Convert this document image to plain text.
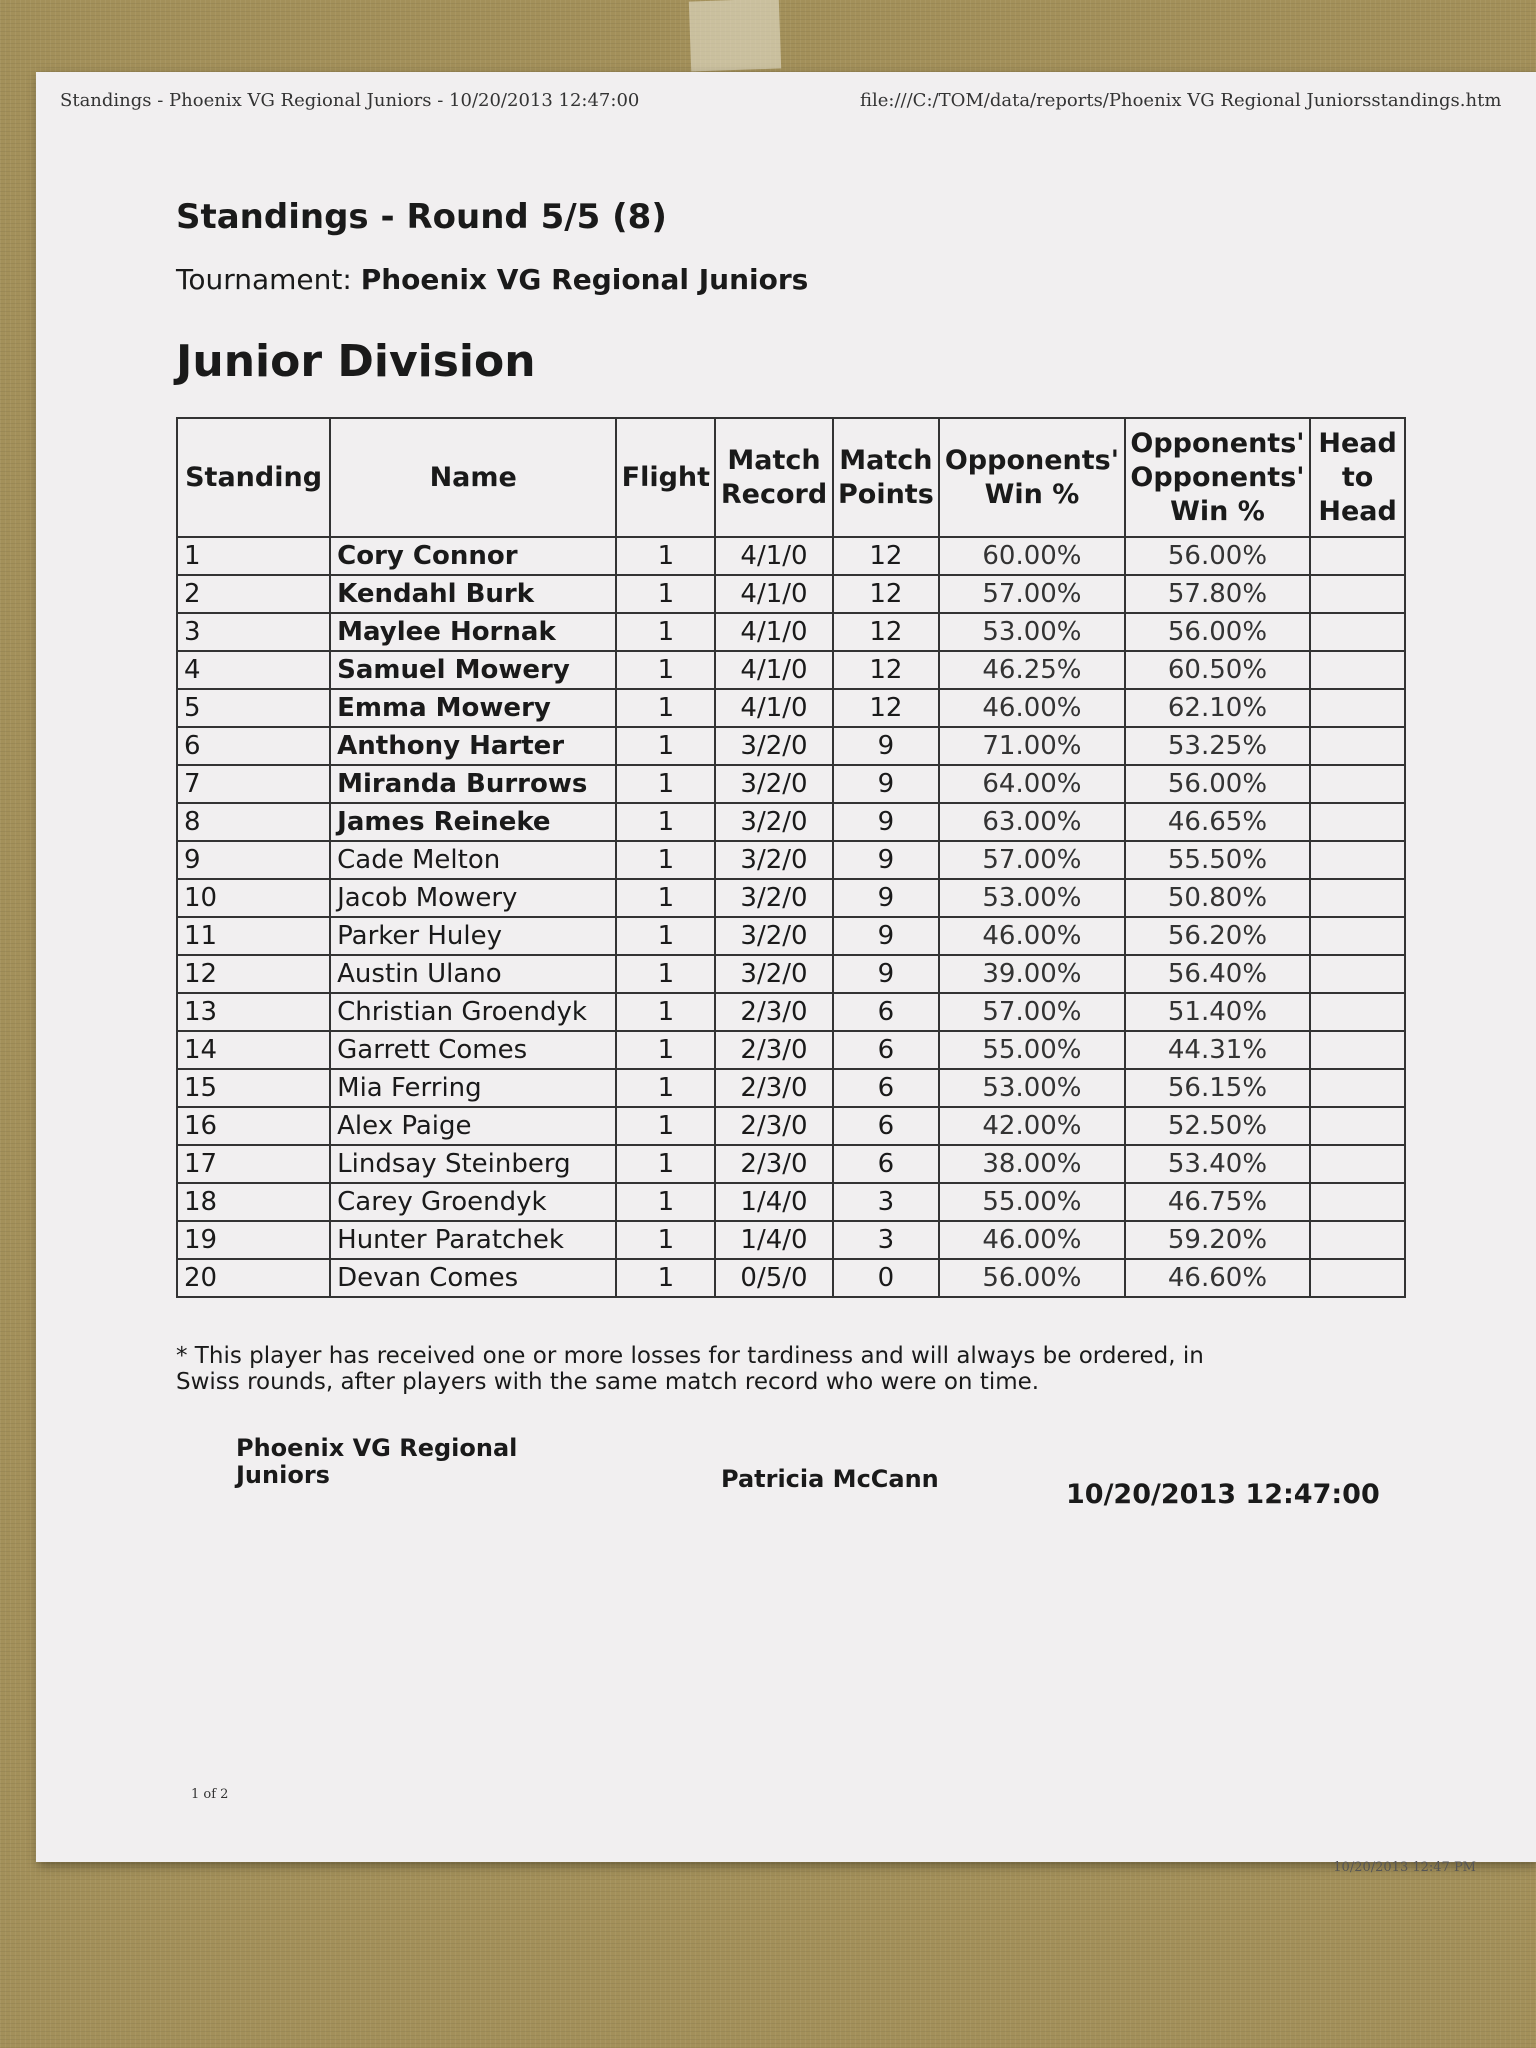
Standings - Phoenix VG Regional Juniors - 10/20/2013 12:47:00	file:///C:/TOM/data/reports/Phoenix VG Regional Juniorsstandings.htm
Standings - Round 5/5 (8)
Tournament: Phoenix VG Regional Juniors
Junior Division
Standing	Name	Flight	Match Record	Match Points	Opponents' Win %	Opponents' Opponents' Win %	Head to Head
1	Cory Connor	1	4/1/0	12	60.00%	56.00%	
2	Kendahl Burk	1	4/1/0	12	57.00%	57.80%	
3	Maylee Hornak	1	4/1/0	12	53.00%	56.00%	
4	Samuel Mowery	1	4/1/0	12	46.25%	60.50%	
5	Emma Mowery	1	4/1/0	12	46.00%	62.10%	
6	Anthony Harter	1	3/2/0	9	71.00%	53.25%	
7	Miranda Burrows	1	3/2/0	9	64.00%	56.00%	
8	James Reineke	1	3/2/0	9	63.00%	46.65%	
9	Cade Melton	1	3/2/0	9	57.00%	55.50%	
10	Jacob Mowery	1	3/2/0	9	53.00%	50.80%	
11	Parker Huley	1	3/2/0	9	46.00%	56.20%	
12	Austin Ulano	1	3/2/0	9	39.00%	56.40%	
13	Christian Groendyk	1	2/3/0	6	57.00%	51.40%	
14	Garrett Comes	1	2/3/0	6	55.00%	44.31%	
15	Mia Ferring	1	2/3/0	6	53.00%	56.15%	
16	Alex Paige	1	2/3/0	6	42.00%	52.50%	
17	Lindsay Steinberg	1	2/3/0	6	38.00%	53.40%	
18	Carey Groendyk	1	1/4/0	3	55.00%	46.75%	
19	Hunter Paratchek	1	1/4/0	3	46.00%	59.20%	
20	Devan Comes	1	0/5/0	0	56.00%	46.60%	
* This player has received one or more losses for tardiness and will always be ordered, in Swiss rounds, after players with the same match record who were on time.
Phoenix VG Regional Juniors	Patricia McCann	10/20/2013 12:47:00
1 of 2
10/20/2013 12:47 PM
